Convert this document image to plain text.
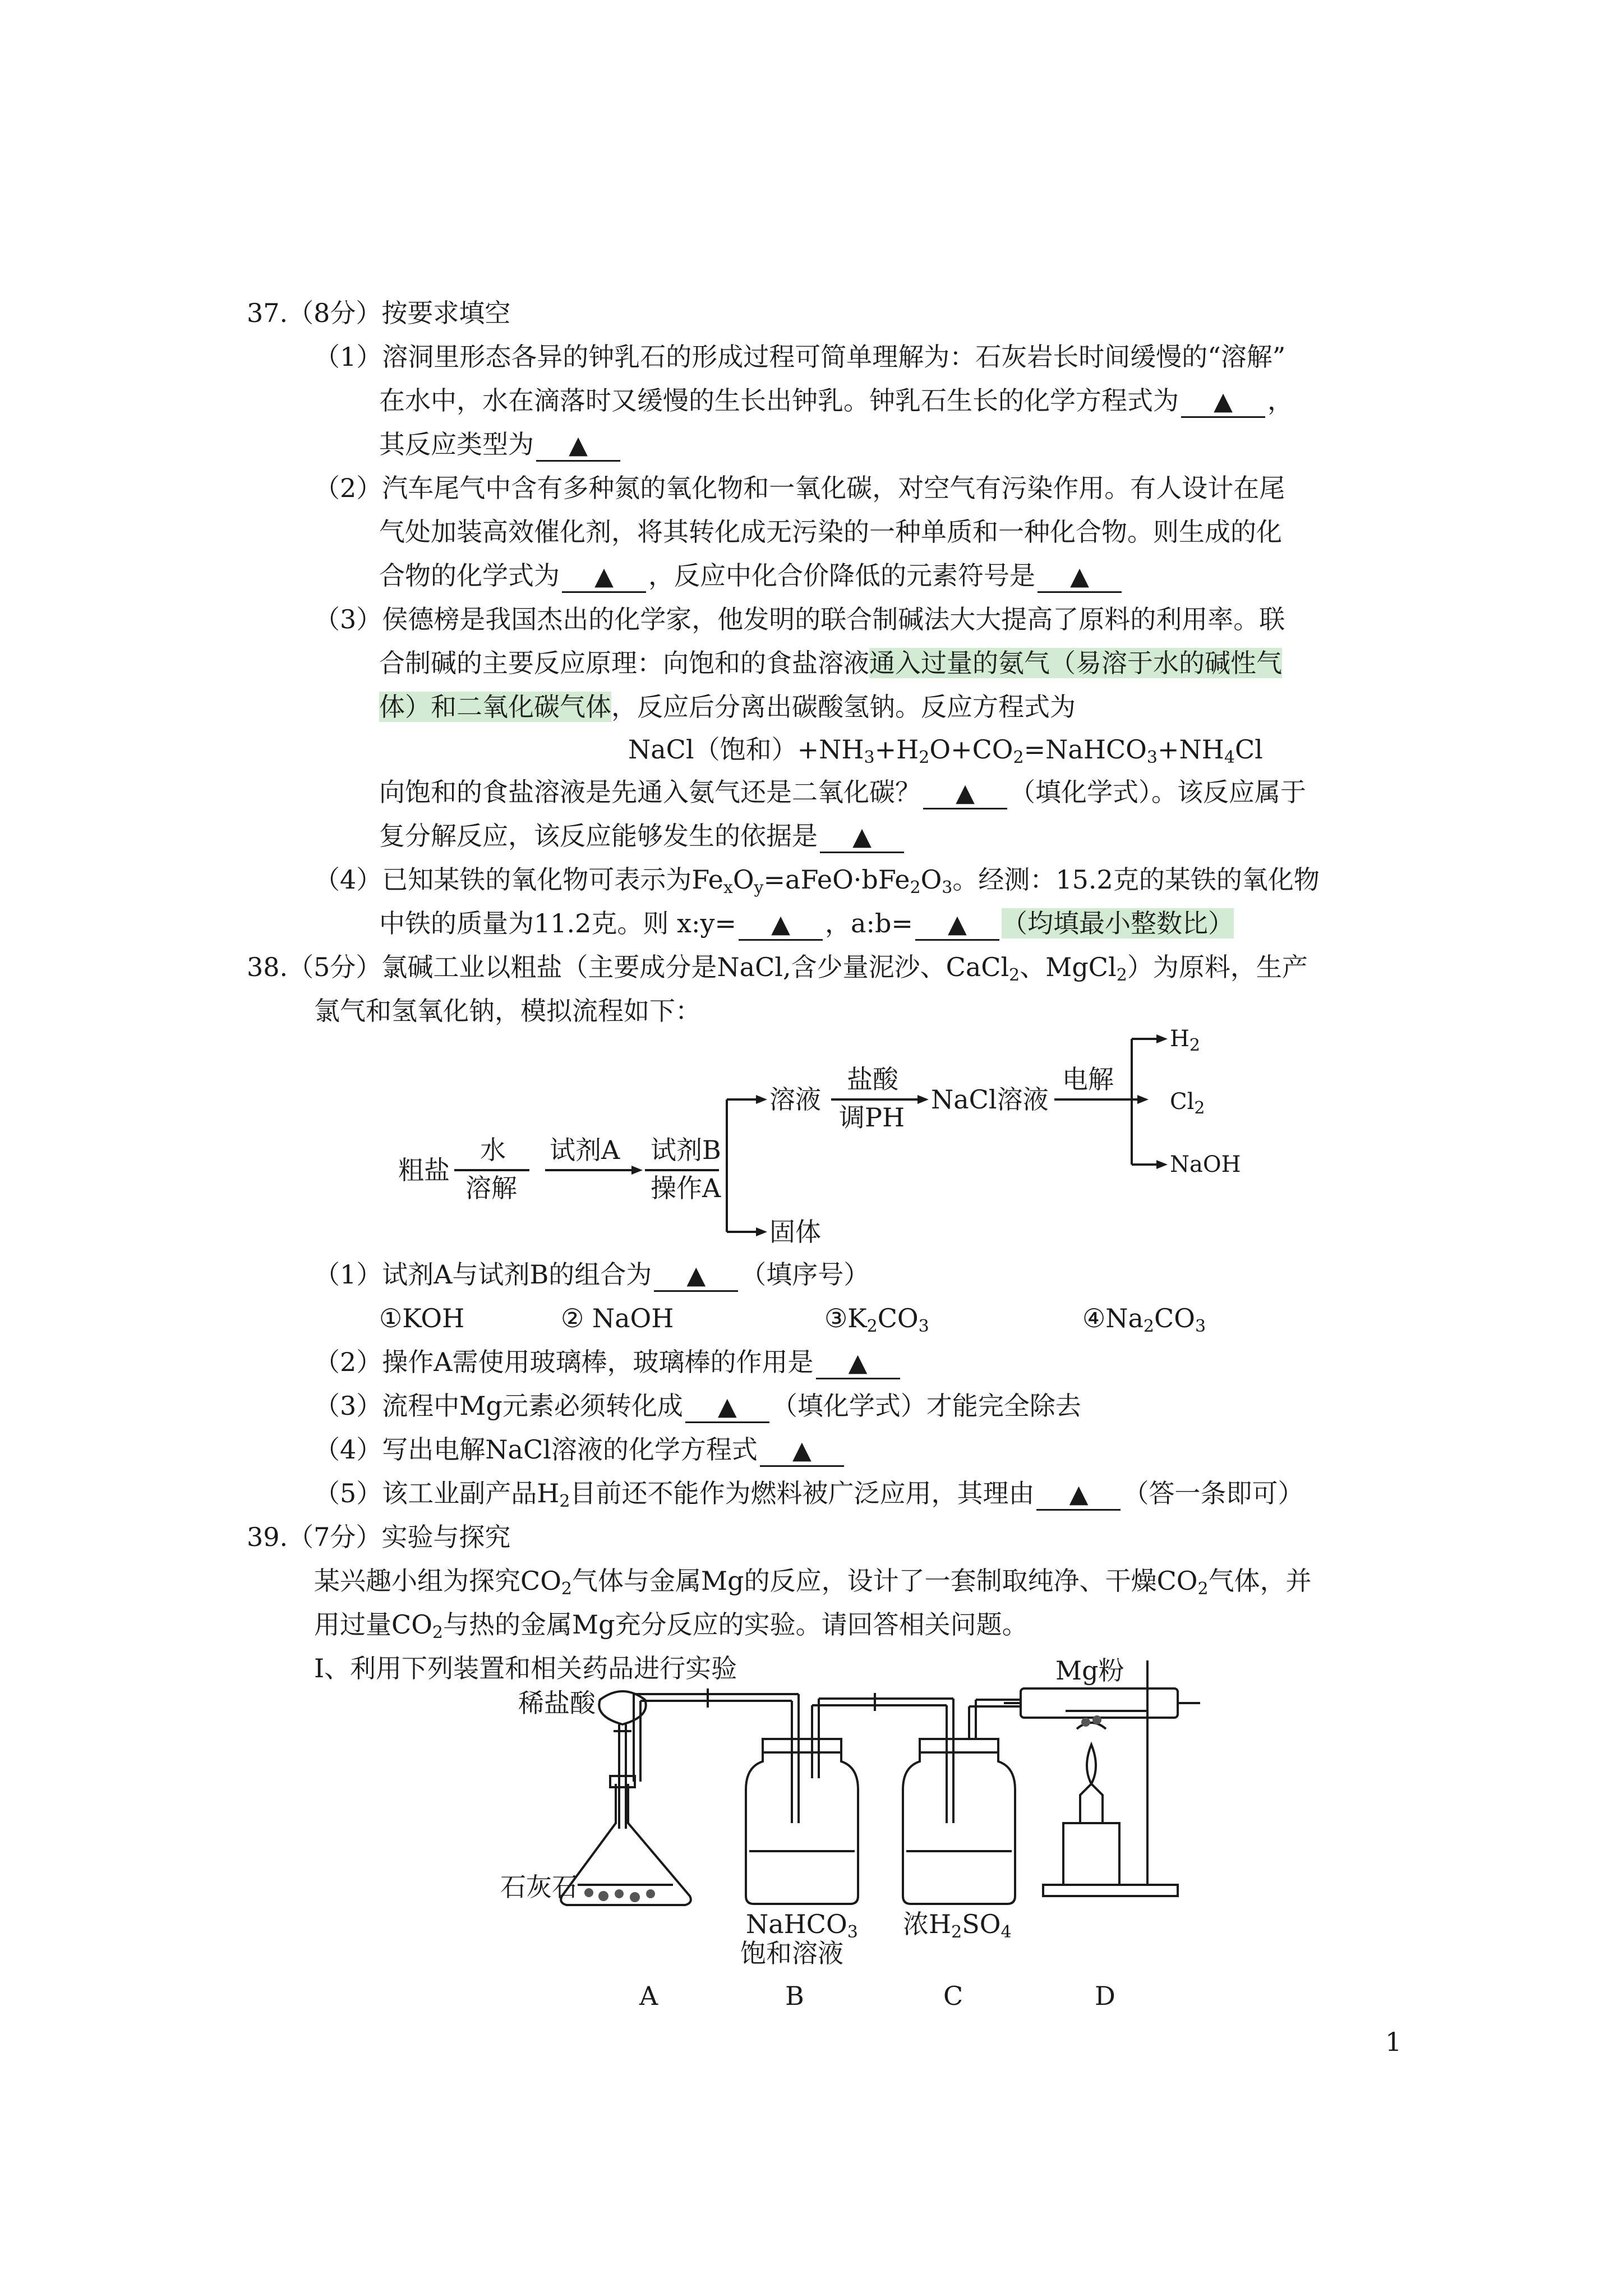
37.（8分）按要求填空
（1）溶洞里形态各异的钟乳石的形成过程可简单理解为：石灰岩长时间缓慢的“溶解”
在水中，水在滴落时又缓慢的生长出钟乳。钟乳石生长的化学方程式为 ▲ ，
其反应类型为 ▲
（2）汽车尾气中含有多种氮的氧化物和一氧化碳，对空气有污染作用。有人设计在尾
气处加装高效催化剂，将其转化成无污染的一种单质和一种化合物。则生成的化
合物的化学式为 ▲ ，反应中化合价降低的元素符号是 ▲
（3）侯德榜是我国杰出的化学家，他发明的联合制碱法大大提高了原料的利用率。联
合制碱的主要反应原理：向饱和的食盐溶液通入过量的氨气（易溶于水的碱性气
体）和二氧化碳气体，反应后分离出碳酸氢钠。反应方程式为
NaCl（饱和）$+NH_3+H_2O+CO_2=NaHCO_3+NH_4Cl$
向饱和的食盐溶液是先通入氨气还是二氧化碳？ ▲ （填化学式）。该反应属于
复分解反应，该反应能够发生的依据是 ▲
（4）已知某铁的氧化物可表示为$Fe_xO_y=aFeO\cdot bFe_2O_3$。经测：15.2克的某铁的氧化物
中铁的质量为11.2克。则 x:y= ▲ ，a:b= ▲ （均填最小整数比）
38.（5分）氯碱工业以粗盐（主要成分是NaCl,含少量泥沙、CaCl$_2$、MgCl$_2$）为原料，生产
氯气和氢氧化钠，模拟流程如下：
粗盐
水
溶解
试剂A 试剂B
操作A
溶液
盐酸
调PH
NaCl溶液
电解
$H_2$
$Cl_2$
NaOH
固体
（1）试剂A与试剂B的组合为 ▲ （填序号）
①KOH	② NaOH	$③K_2CO_3$	$④Na_2CO_3$
（2）操作A需使用玻璃棒，玻璃棒的作用是 ▲
（3）流程中Mg元素必须转化成 ▲ （填化学式）才能完全除去
（4）写出电解NaCl溶液的化学方程式 ▲
（5）该工业副产品$H_2$目前还不能作为燃料被广泛应用，其理由 ▲ （答一条即可）
39.（7分）实验与探究
某兴趣小组为探究$CO_2$气体与金属Mg的反应，设计了一套制取纯净、干燥$CO_2$气体，并
用过量$CO_2$与热的金属Mg充分反应的实验。请回答相关问题。
Ⅰ、利用下列装置和相关药品进行实验
稀盐酸
石灰石
Mg粉
NaHCO$_3$
饱和溶液
浓$H_2SO_4$
A	B	C	D
1
